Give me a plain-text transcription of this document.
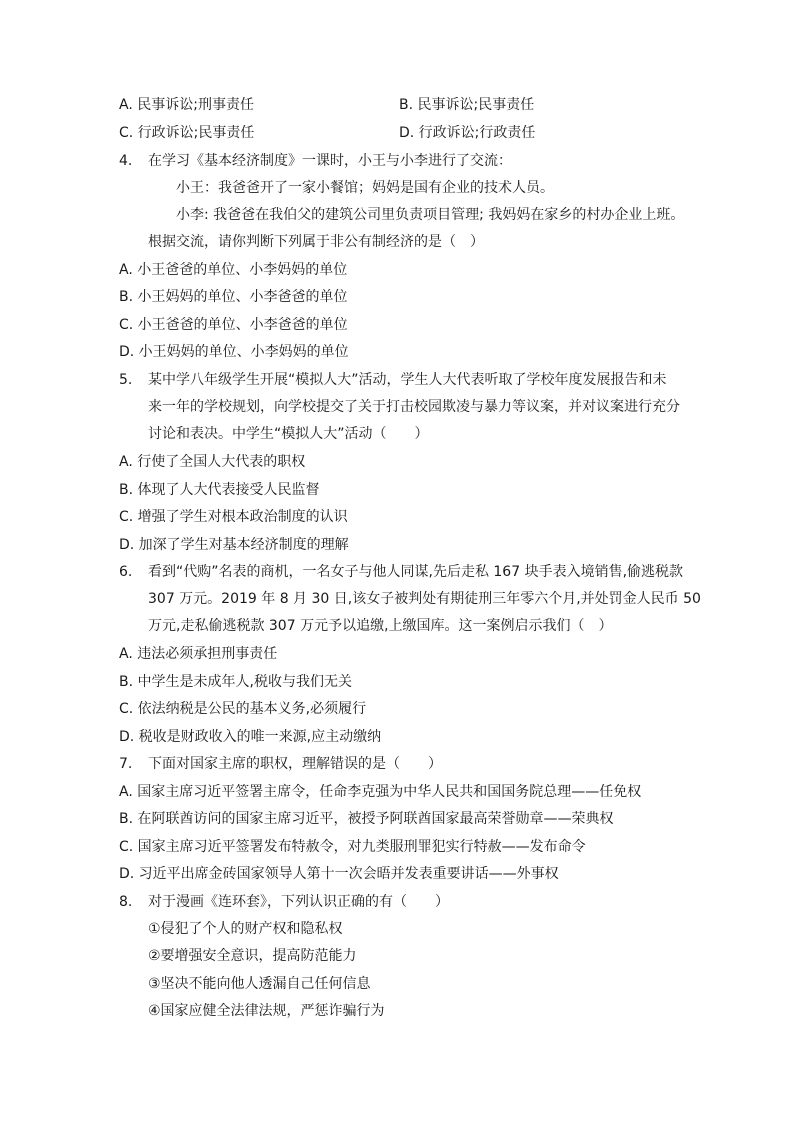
A. 民事诉讼;刑事责任	B. 民事诉讼;民事责任
C. 行政诉讼;民事责任	D. 行政诉讼;行政责任
4. 在学习《基本经济制度》一课时，小王与小李进行了交流：
小王：我爸爸开了一家小餐馆；妈妈是国有企业的技术人员。
小李: 我爸爸在我伯父的建筑公司里负责项目管理; 我妈妈在家乡的村办企业上班。
根据交流，请你判断下列属于非公有制经济的是（　）
A. 小王爸爸的单位、小李妈妈的单位
B. 小王妈妈的单位、小李爸爸的单位
C. 小王爸爸的单位、小李爸爸的单位
D. 小王妈妈的单位、小李妈妈的单位
5. 某中学八年级学生开展“模拟人大”活动，学生人大代表听取了学校年度发展报告和未
来一年的学校规划，向学校提交了关于打击校园欺凌与暴力等议案，并对议案进行充分
讨论和表决。中学生“模拟人大”活动（　　）
A. 行使了全国人大代表的职权
B. 体现了人大代表接受人民监督
C. 增强了学生对根本政治制度的认识
D. 加深了学生对基本经济制度的理解
6. 看到“代购”名表的商机，一名女子与他人同谋,先后走私 167 块手表入境销售,偷逃税款
307 万元。2019 年 8 月 30 日,该女子被判处有期徒刑三年零六个月,并处罚金人民币 50
万元,走私偷逃税款 307 万元予以追缴,上缴国库。这一案例启示我们（　）
A. 违法必须承担刑事责任
B. 中学生是未成年人,税收与我们无关
C. 依法纳税是公民的基本义务,必须履行
D. 税收是财政收入的唯一来源,应主动缴纳
7. 下面对国家主席的职权，理解错误的是（　　）
A. 国家主席习近平签署主席令，任命李克强为中华人民共和国国务院总理——任免权
B. 在阿联酋访问的国家主席习近平，被授予阿联酋国家最高荣誉勋章——荣典权
C. 国家主席习近平签署发布特赦令，对九类服刑罪犯实行特赦——发布命令
D. 习近平出席金砖国家领导人第十一次会晤并发表重要讲话——外事权
8. 对于漫画《连环套》，下列认识正确的有（　　）
①侵犯了个人的财产权和隐私权
②要增强安全意识，提高防范能力
③坚决不能向他人透漏自己任何信息
④国家应健全法律法规，严惩诈骗行为
